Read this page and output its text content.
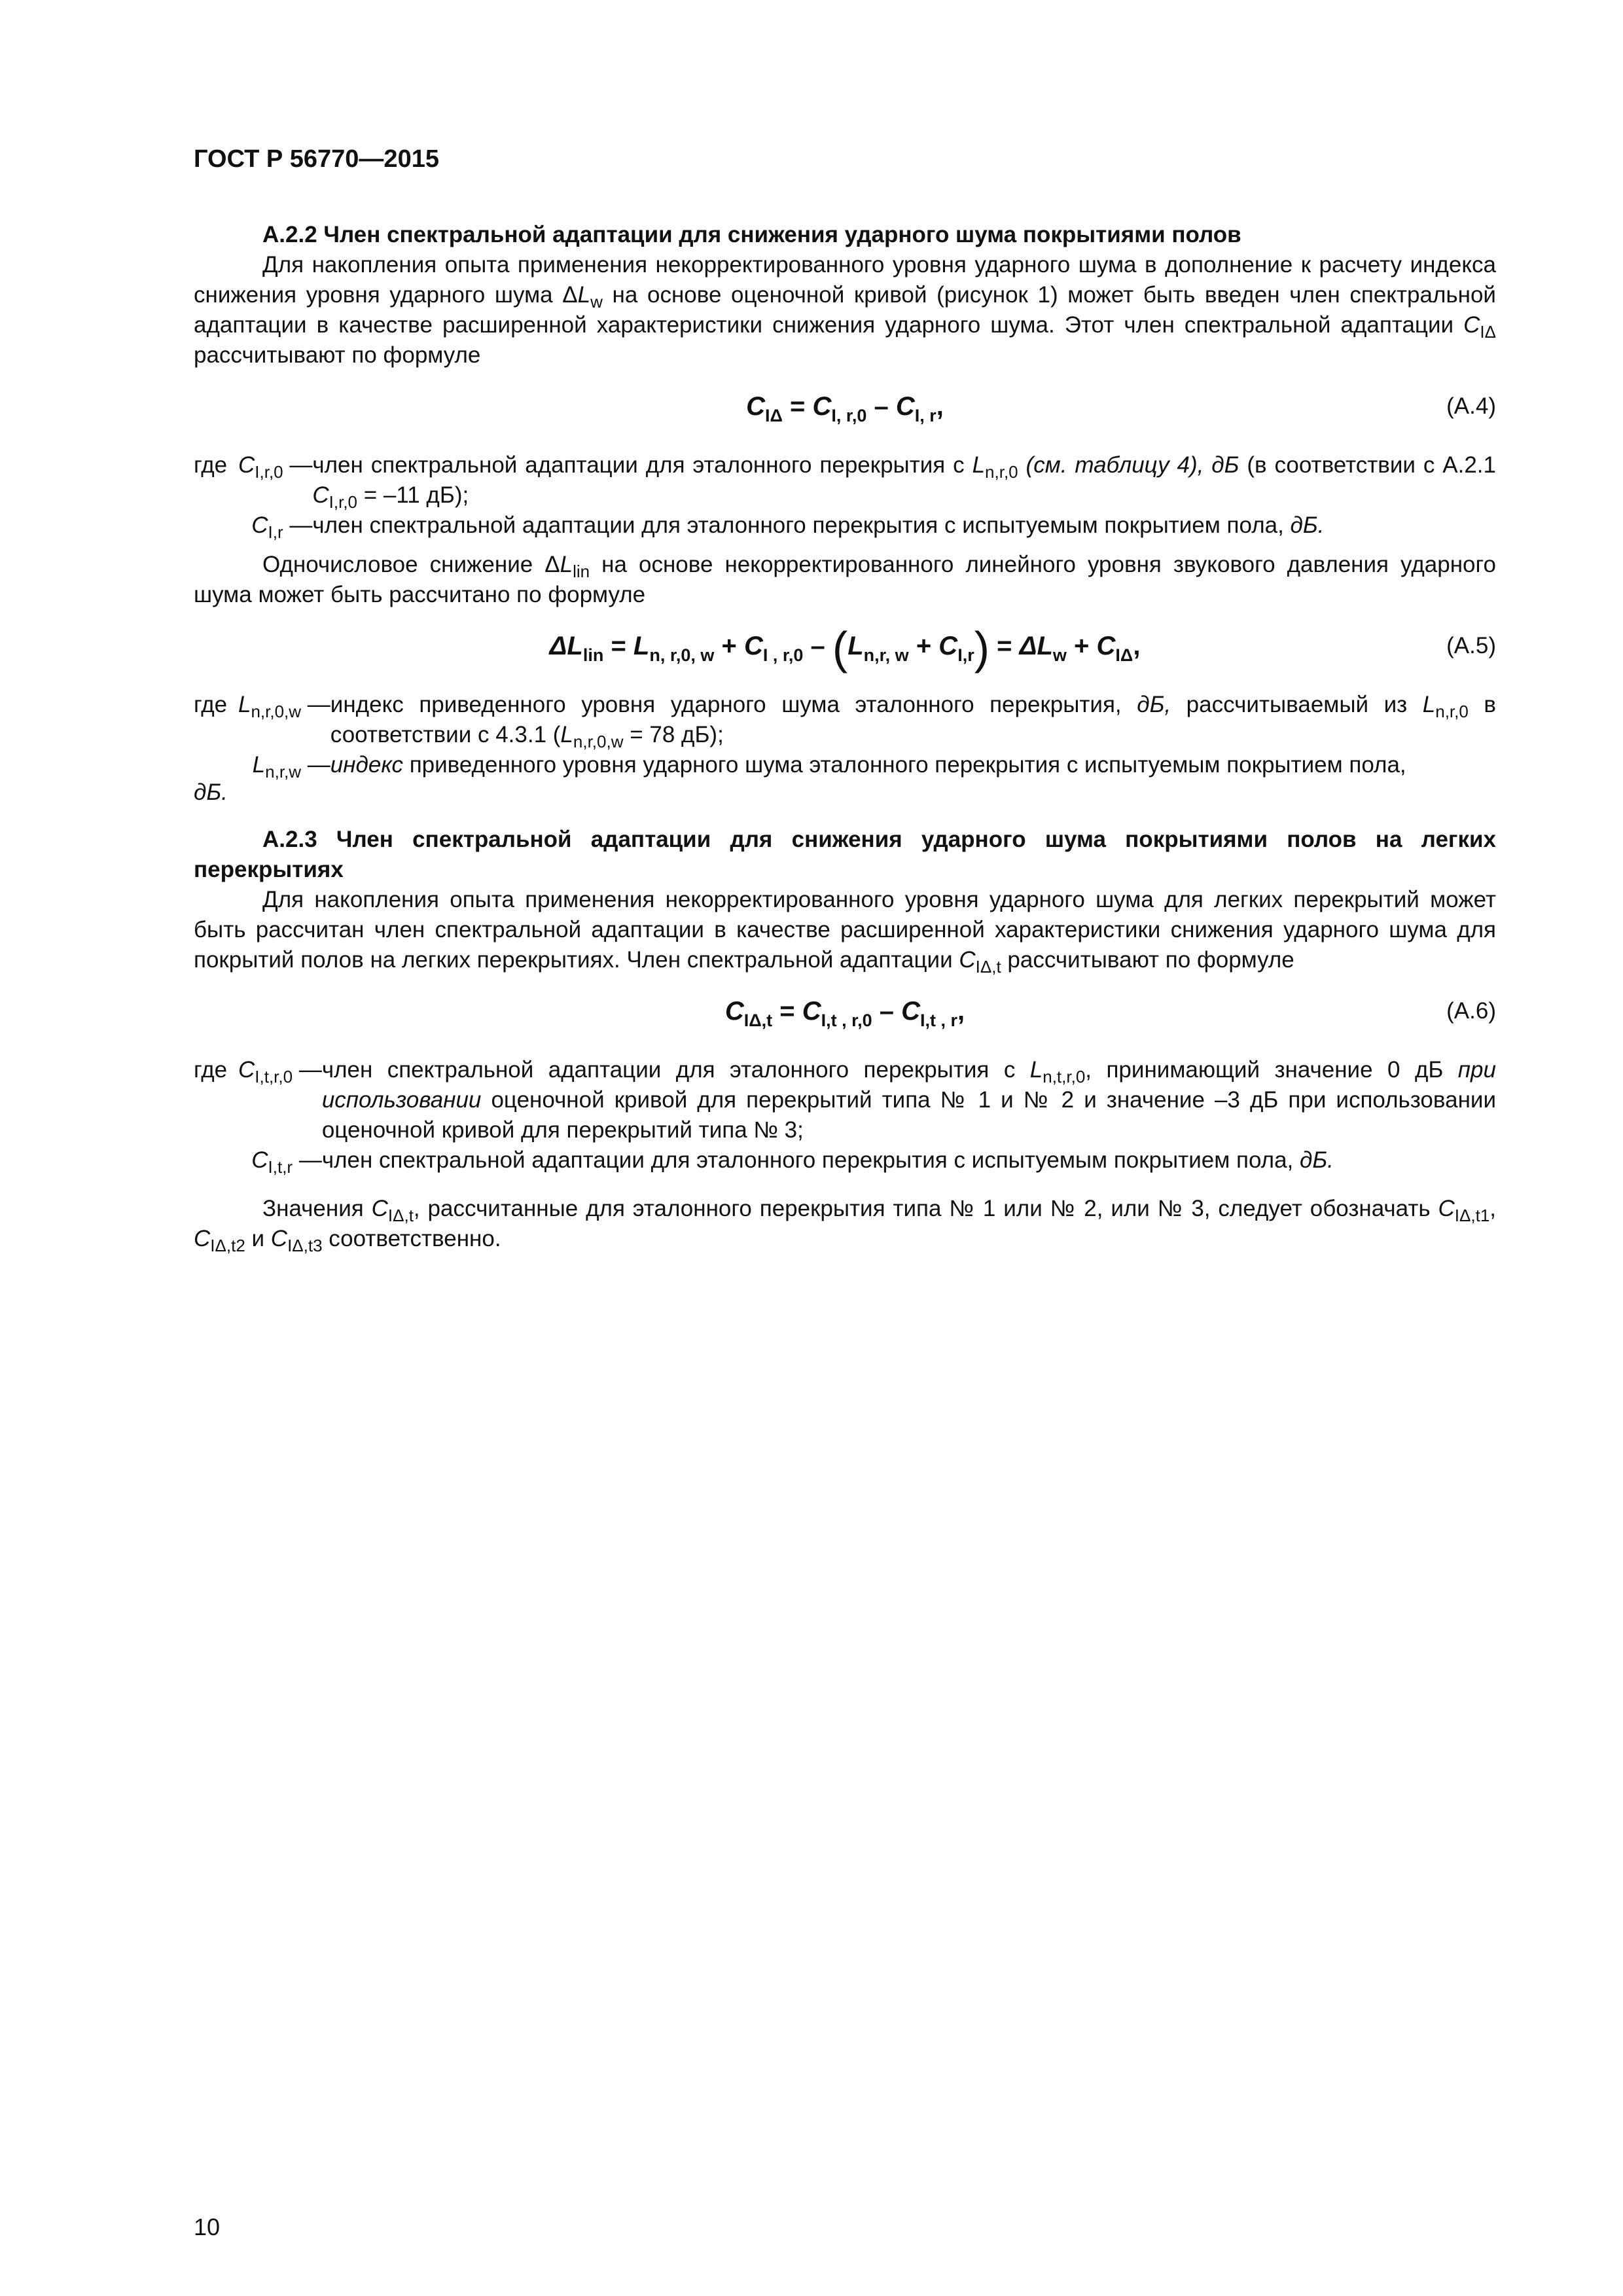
ГОСТ Р 56770—2015

А.2.2 Член спектральной адаптации для снижения ударного шума покрытиями полов

Для накопления опыта применения некорректированного уровня ударного шума в дополнение к расчету индекса снижения уровня ударного шума $\Delta L_w$ на основе оценочной кривой (рисунок 1) может быть введен член спектральной адаптации в качестве расширенной характеристики снижения ударного шума. Этот член спектральной адаптации $C_{I\Delta}$ рассчитывают по формуле

$C_{I\Delta} = C_{I, r,0} - C_{I, r}$,	(А.4)
где	$C_{I,r,0}$ —	член спектральной адаптации для эталонного перекрытия с $L_{n,r,0}$ (см. таблицу 4), дБ (в соответствии с А.2.1 $C_{I,r,0} = -11$ дБ);
	$C_{I,r}$ —	член спектральной адаптации для эталонного перекрытия с испытуемым покрытием пола, дБ.

Одночисловое снижение $\Delta L_{lin}$ на основе некорректированного линейного уровня звукового давления ударного шума может быть рассчитано по формуле

$\Delta L_{lin} = L_{n, r,0, w} + C_{I , r,0} - (L_{n,r, w} + C_{I,r}) = \Delta L_w + C_{I\Delta}$,	(А.5)
где	$L_{n,r,0,w}$ —	индекс приведенного уровня ударного шума эталонного перекрытия, дБ, рассчитываемый из $L_{n,r,0}$ в соответствии с 4.3.1 ($L_{n,r,0,w} = 78$ дБ);
	$L_{n,r,w}$ —	индекс приведенного уровня ударного шума эталонного перекрытия с испытуемым покрытием пола,
дБ.

А.2.3 Член спектральной адаптации для снижения ударного шума покрытиями полов на легких перекрытиях

Для накопления опыта применения некорректированного уровня ударного шума для легких перекрытий может быть рассчитан член спектральной адаптации в качестве расширенной характеристики снижения ударного шума для покрытий полов на легких перекрытиях. Член спектральной адаптации $C_{I\Delta,t}$ рассчитывают по формуле

$C_{I\Delta,t} = C_{I,t , r,0} - C_{I,t , r}$,	(А.6)
где	$C_{I,t,r,0}$ —	член спектральной адаптации для эталонного перекрытия с $L_{n,t,r,0}$, принимающий значение 0 дБ при использовании оценочной кривой для перекрытий типа № 1 и № 2 и значение –3 дБ при использовании оценочной кривой для перекрытий типа № 3;
	$C_{I,t,r}$ —	член спектральной адаптации для эталонного перекрытия с испытуемым покрытием пола, дБ.

Значения $C_{I\Delta,t}$, рассчитанные для эталонного перекрытия типа № 1 или № 2, или № 3, следует обозначать $C_{I\Delta,t1}$, $C_{I\Delta,t2}$ и $C_{I\Delta,t3}$ соответственно.

10
